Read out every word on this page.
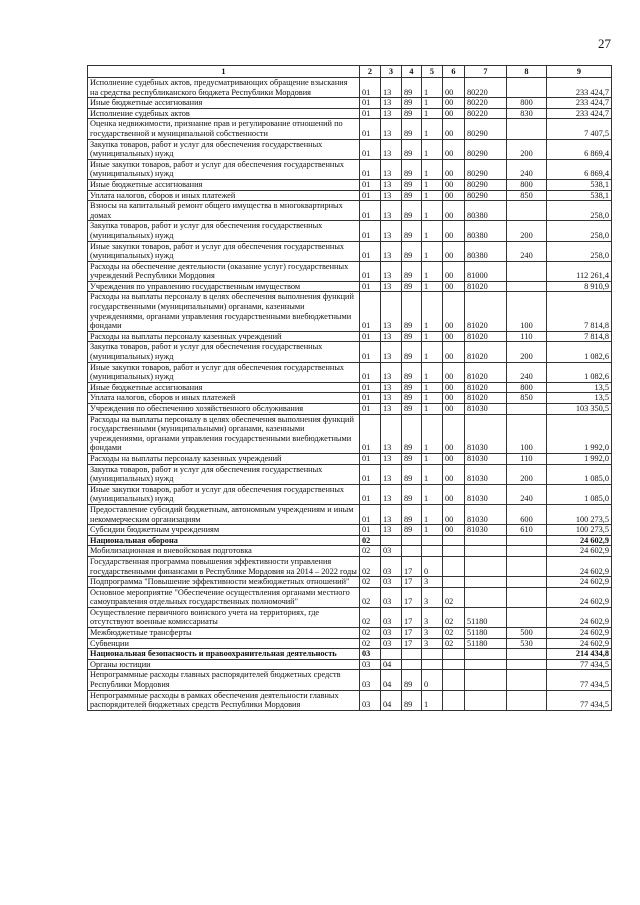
27
1	2	3	4	5	6	7	8	9
Исполнение судебных актов, предусматривающих обращение взыскания на средства республиканского бюджета Республики Мордовия	01	13	89	1	00	80220		233 424,7
Иные бюджетные ассигнования	01	13	89	1	00	80220	800	233 424,7
Исполнение судебных актов	01	13	89	1	00	80220	830	233 424,7
Оценка недвижимости, признание прав и регулирование отношений по государственной и муниципальной собственности	01	13	89	1	00	80290		7 407,5
Закупка товаров, работ и услуг для обеспечения государственных (муниципальных) нужд	01	13	89	1	00	80290	200	6 869,4
Иные закупки товаров, работ и услуг для обеспечения государственных (муниципальных) нужд	01	13	89	1	00	80290	240	6 869,4
Иные бюджетные ассигнования	01	13	89	1	00	80290	800	538,1
Уплата налогов, сборов и иных платежей	01	13	89	1	00	80290	850	538,1
Взносы на капитальный ремонт общего имущества в многоквартирных домах	01	13	89	1	00	80380		258,0
Закупка товаров, работ и услуг для обеспечения государственных (муниципальных) нужд	01	13	89	1	00	80380	200	258,0
Иные закупки товаров, работ и услуг для обеспечения государственных (муниципальных) нужд	01	13	89	1	00	80380	240	258,0
Расходы на обеспечение деятельности (оказание услуг) государственных учреждений Республики Мордовия	01	13	89	1	00	81000		112 261,4
Учреждения по управлению государственным имуществом	01	13	89	1	00	81020		8 910,9
Расходы на выплаты персоналу в целях обеспечения выполнения функций государственными (муниципальными) органами, казенными учреждениями, органами управления государственными внебюджетными фондами	01	13	89	1	00	81020	100	7 814,8
Расходы на выплаты персоналу казенных учреждений	01	13	89	1	00	81020	110	7 814,8
Закупка товаров, работ и услуг для обеспечения государственных (муниципальных) нужд	01	13	89	1	00	81020	200	1 082,6
Иные закупки товаров, работ и услуг для обеспечения государственных (муниципальных) нужд	01	13	89	1	00	81020	240	1 082,6
Иные бюджетные ассигнования	01	13	89	1	00	81020	800	13,5
Уплата налогов, сборов и иных платежей	01	13	89	1	00	81020	850	13,5
Учреждения по обеспечению хозяйственного обслуживания	01	13	89	1	00	81030		103 350,5
Расходы на выплаты персоналу в целях обеспечения выполнения функций государственными (муниципальными) органами, казенными учреждениями, органами управления государственными внебюджетными фондами	01	13	89	1	00	81030	100	1 992,0
Расходы на выплаты персоналу казенных учреждений	01	13	89	1	00	81030	110	1 992,0
Закупка товаров, работ и услуг для обеспечения государственных (муниципальных) нужд	01	13	89	1	00	81030	200	1 085,0
Иные закупки товаров, работ и услуг для обеспечения государственных (муниципальных) нужд	01	13	89	1	00	81030	240	1 085,0
Предоставление субсидий бюджетным, автономным учреждениям и иным некоммерческим организациям	01	13	89	1	00	81030	600	100 273,5
Субсидии бюджетным учреждениям	01	13	89	1	00	81030	610	100 273,5
Национальная оборона	02							24 602,9
Мобилизационная и вневойсковая подготовка	02	03						24 602,9
Государственная программа повышения эффективности управления государственными финансами в Республике Мордовия на 2014 – 2022 годы	02	03	17	0				24 602,9
Подпрограмма "Повышение эффективности межбюджетных отношений"	02	03	17	3				24 602,9
Основное мероприятие "Обеспечение осуществления органами местного самоуправления отдельных государственных полномочий"	02	03	17	3	02			24 602,9
Осуществление первичного воинского учета на территориях, где отсутствуют военные комиссариаты	02	03	17	3	02	51180		24 602,9
Межбюджетные трансферты	02	03	17	3	02	51180	500	24 602,9
Субвенции	02	03	17	3	02	51180	530	24 602,9
Национальная безопасность и правоохранительная деятельность	03							214 434,8
Органы юстиции	03	04						77 434,5
Непрограммные расходы главных распорядителей бюджетных средств Республики Мордовия	03	04	89	0				77 434,5
Непрограммные расходы в рамках обеспечения деятельности главных распорядителей бюджетных средств Республики Мордовия	03	04	89	1				77 434,5
